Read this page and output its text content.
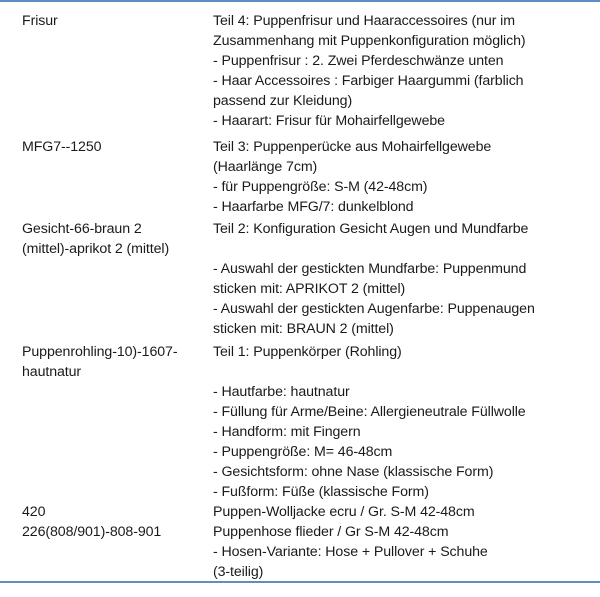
Frisur	Teil 4: Puppenfrisur und Haaraccessoires (nur im
Zusammenhang mit Puppenkonfiguration möglich)
- Puppenfrisur : 2. Zwei Pferdeschwänze unten
- Haar Accessoires : Farbiger Haargummi (farblich
passend zur Kleidung)
- Haarart: Frisur für Mohairfellgewebe
MFG7--1250	Teil 3: Puppenperücke aus Mohairfellgewebe
(Haarlänge 7cm)
- für Puppengröße: S-M (42-48cm)
- Haarfarbe MFG/7: dunkelblond
Gesicht-66-braun 2
(mittel)-aprikot 2 (mittel)
Teil 2: Konfiguration Gesicht Augen und Mundfarbe
- Auswahl der gestickten Mundfarbe: Puppenmund
sticken mit: APRIKOT 2 (mittel)
- Auswahl der gestickten Augenfarbe: Puppenaugen
sticken mit: BRAUN 2 (mittel)
Puppenrohling-10)-1607-
hautnatur
Teil 1: Puppenkörper (Rohling)
- Hautfarbe: hautnatur
- Füllung für Arme/Beine: Allergieneutrale Füllwolle
- Handform: mit Fingern
- Puppengröße: M= 46-48cm
- Gesichtsform: ohne Nase (klassische Form)
- Fußform: Füße (klassische Form)
420
226(808/901)-808-901
Puppen-Wolljacke ecru / Gr. S-M 42-48cm
Puppenhose flieder / Gr S-M 42-48cm
- Hosen-Variante: Hose + Pullover + Schuhe
(3-teilig)
